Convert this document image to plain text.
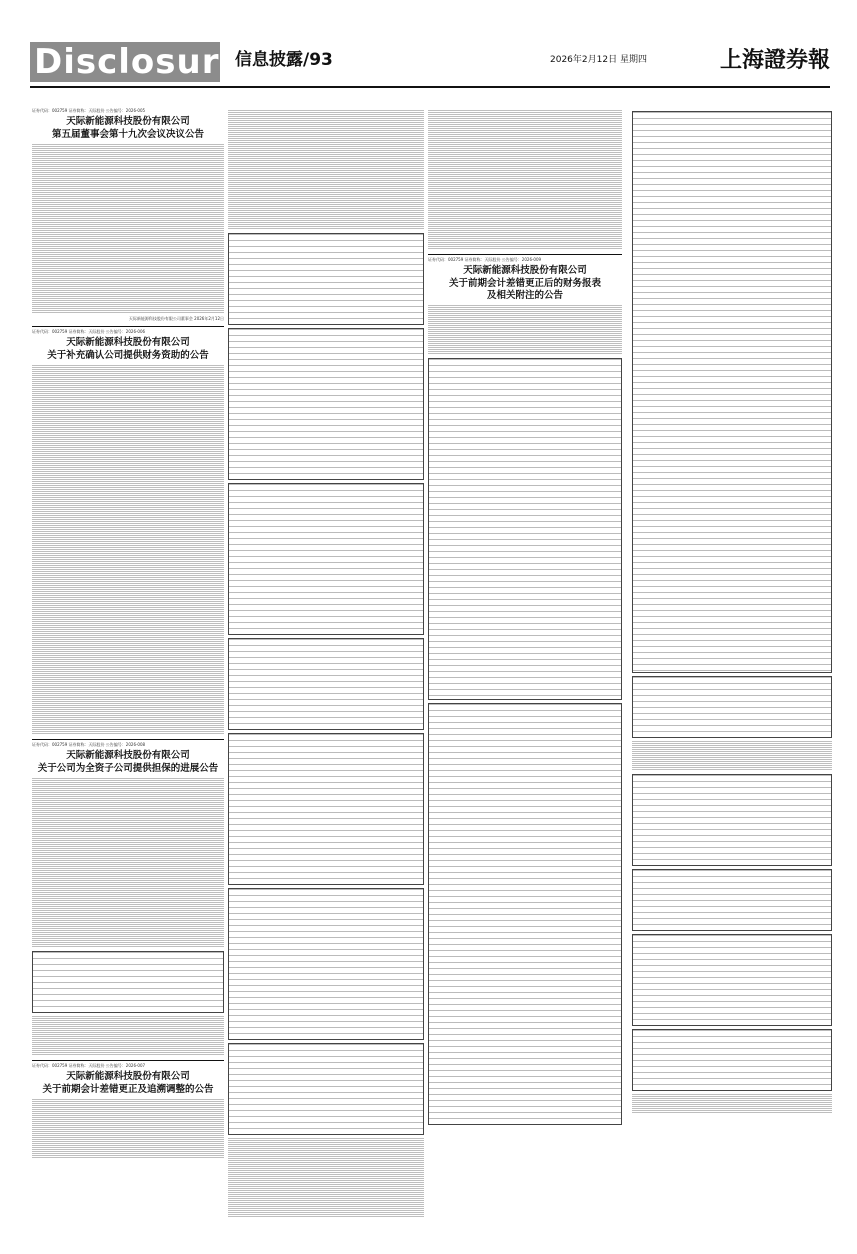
Disclosure
信息披露/93	2026年2月12日 星期四	上海證券報
证券代码：002759 证券简称：天际股份 公告编号：2026-005
天际新能源科技股份有限公司
第五届董事会第十九次会议决议公告
天际新能源科技股份有限公司董事会 2026年2月12日
证券代码：002759 证券简称：天际股份 公告编号：2026-006
天际新能源科技股份有限公司
关于补充确认公司提供财务资助的公告
证券代码：002759 证券简称：天际股份 公告编号：2026-008
天际新能源科技股份有限公司
关于公司为全资子公司提供担保的进展公告
证券代码：002759 证券简称：天际股份 公告编号：2026-007
天际新能源科技股份有限公司
关于前期会计差错更正及追溯调整的公告
证券代码：002759 证券简称：天际股份 公告编号：2026-009
天际新能源科技股份有限公司
关于前期会计差错更正后的财务报表
及相关附注的公告
